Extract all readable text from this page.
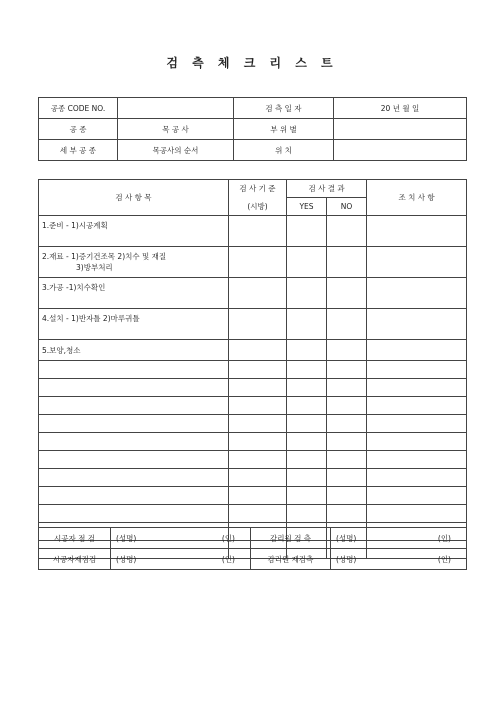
검 측 체 크 리 스 트
공종 CODE NO.		검 측 일 자	20 년 월 일
공 종	목 공 사	부 위 별	
세 부 공 종	목공사의 순서	위 치	
검 사 항 목	검 사 기 준	검 사 결 과		조 치 사 항
	(시방)	YES	NO	

1.준비 - 1)시공계획				

2.재료 - 1)증기건조목 2)치수 및 재질
3)방부처리				

3.가공 -1)치수확인				

4.설치 - 1)반자틀 2)마루귀틀				

5.보양,청소				

시공자 점 검	(성명) (인)	감리원 검 측	(성명) (인)

시공자재점검	(성명) (인)	감리원 재검측	(성명) (인)
